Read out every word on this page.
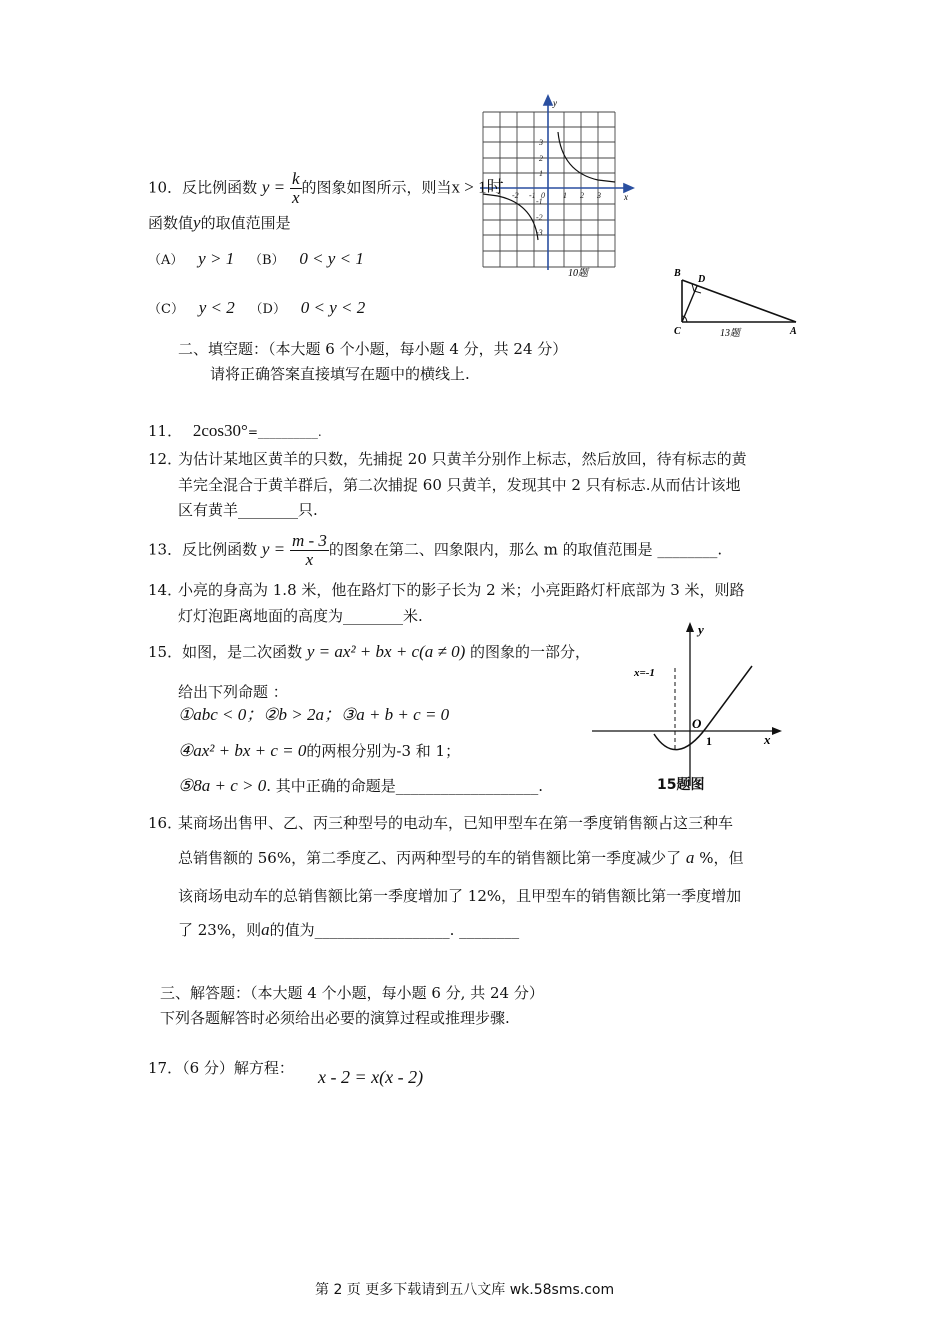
y
x
3
2
1
-1
-2
-3
1 2 3
-2 -1 0
10题
10．反比例函数 $y = \frac{k}{x}$ 的图象如图所示，则当x > 1时
函数值y的取值范围是
（A） y > 1 （B） 0 < y < 1
（C） y < 2 （D） 0 < y < 2
B
D
C	A
13题
二、填空题：（本大题 6 个小题，每小题 4 分，共 24 分）
请将正确答案直接填写在题中的横线上.
11． 2cos30°=__________.
12．
为估计某地区黄羊的只数，先捕捉 20 只黄羊分别作上标志，然后放回，待有标志的黄
羊完全混合于黄羊群后，第二次捕捉 60 只黄羊，发现其中 2 只有标志.从而估计该地
区有黄羊________只.
13．反比例函数 $y = \frac{m - 3}{x}$ 的图象在第二、四象限内，那么 m 的取值范围是 ________.
14．
小亮的身高为 1.8 米，他在路灯下的影子长为 2 米；小亮距路灯杆底部为 3 米，则路
灯灯泡距离地面的高度为________米.
15．如图，是二次函数 y = ax² + bx + c(a ≠ 0) 的图象的一部分，
给出下列命题 ：
①abc < 0；②b > 2a；③a + b + c = 0
④ax² + bx + c = 0的两根分别为-3 和 1；
⑤8a + c > 0. 其中正确的命题是___________________.
y
x
x=-1
O
1
15题图
16．
某商场出售甲、乙、丙三种型号的电动车，已知甲型车在第一季度销售额占这三种车
总销售额的 56%，第二季度乙、丙两种型号的车的销售额比第一季度减少了 a %，但
该商场电动车的总销售额比第一季度增加了 12%，且甲型车的销售额比第一季度增加
了 23%，则a的值为__________________. ________
三、解答题：（本大题 4 个小题，每小题 6 分, 共 24 分）
下列各题解答时必须给出必要的演算过程或推理步骤.
17．（6 分）解方程： x - 2 = x(x - 2)
第 2 页 更多下载请到五八文库 wk.58sms.com
